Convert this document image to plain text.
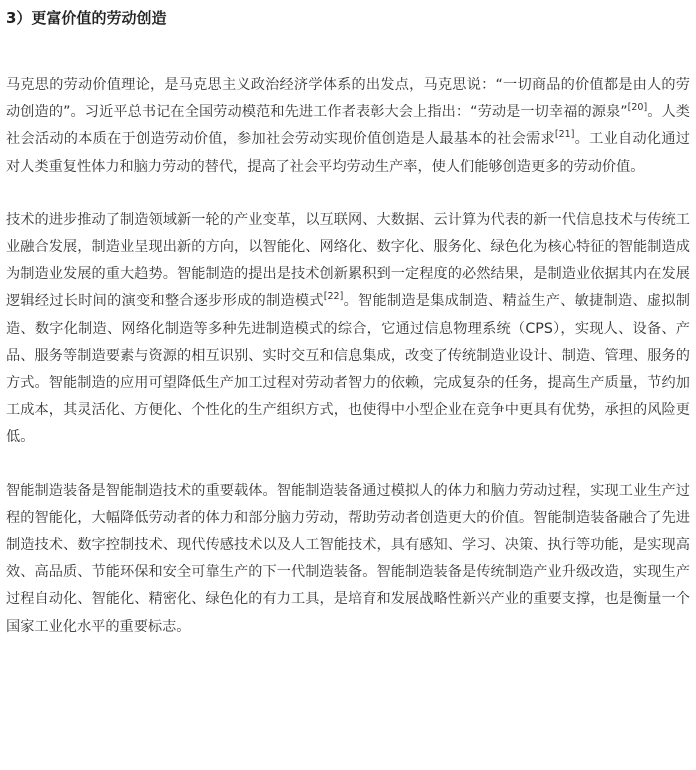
3）更富价值的劳动创造

马克思的劳动价值理论，是马克思主义政治经济学体系的出发点，马克思说：“一切商品的价值都是由人的劳动创造的”。习近平总书记在全国劳动模范和先进工作者表彰大会上指出：“劳动是一切幸福的源泉”[20]。人类社会活动的本质在于创造劳动价值，参加社会劳动实现价值创造是人最基本的社会需求[21]。工业自动化通过对人类重复性体力和脑力劳动的替代，提高了社会平均劳动生产率，使人们能够创造更多的劳动价值。

技术的进步推动了制造领域新一轮的产业变革，以互联网、大数据、云计算为代表的新一代信息技术与传统工业融合发展，制造业呈现出新的方向，以智能化、网络化、数字化、服务化、绿色化为核心特征的智能制造成为制造业发展的重大趋势。智能制造的提出是技术创新累积到一定程度的必然结果，是制造业依据其内在发展逻辑经过长时间的演变和整合逐步形成的制造模式[22]。智能制造是集成制造、精益生产、敏捷制造、虚拟制造、数字化制造、网络化制造等多种先进制造模式的综合，它通过信息物理系统（CPS），实现人、设备、产品、服务等制造要素与资源的相互识别、实时交互和信息集成，改变了传统制造业设计、制造、管理、服务的方式。智能制造的应用可望降低生产加工过程对劳动者智力的依赖，完成复杂的任务，提高生产质量，节约加工成本，其灵活化、方便化、个性化的生产组织方式，也使得中小型企业在竞争中更具有优势，承担的风险更低。

智能制造装备是智能制造技术的重要载体。智能制造装备通过模拟人的体力和脑力劳动过程，实现工业生产过程的智能化，大幅降低劳动者的体力和部分脑力劳动，帮助劳动者创造更大的价值。智能制造装备融合了先进制造技术、数字控制技术、现代传感技术以及人工智能技术，具有感知、学习、决策、执行等功能，是实现高效、高品质、节能环保和安全可靠生产的下一代制造装备。智能制造装备是传统制造产业升级改造，实现生产过程自动化、智能化、精密化、绿色化的有力工具，是培育和发展战略性新兴产业的重要支撑，也是衡量一个国家工业化水平的重要标志。
